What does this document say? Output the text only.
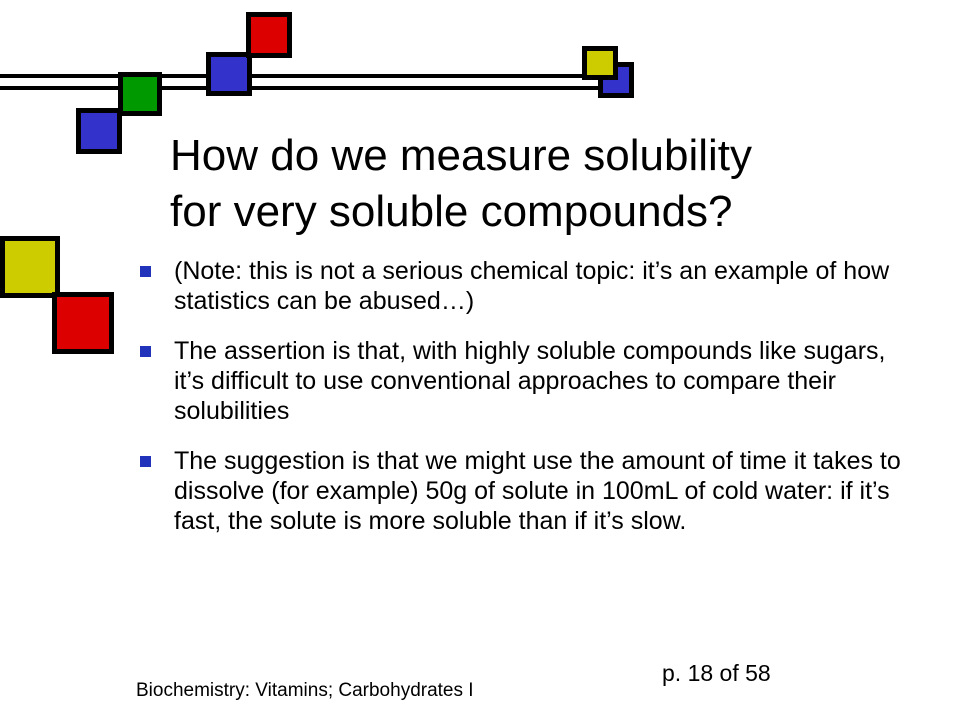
How do we measure solubility
for very soluble compounds?
(Note: this is not a serious chemical topic: it’s an example of how statistics can be abused…)
The assertion is that, with highly soluble compounds like sugars, it’s difficult to use conventional approaches to compare their solubilities
The suggestion is that we might use the amount of time it takes to dissolve (for example) 50g of solute in 100mL of cold water: if it’s fast, the solute is more soluble than if it’s slow.
Biochemistry: Vitamins; Carbohydrates I
p. 18 of 58
